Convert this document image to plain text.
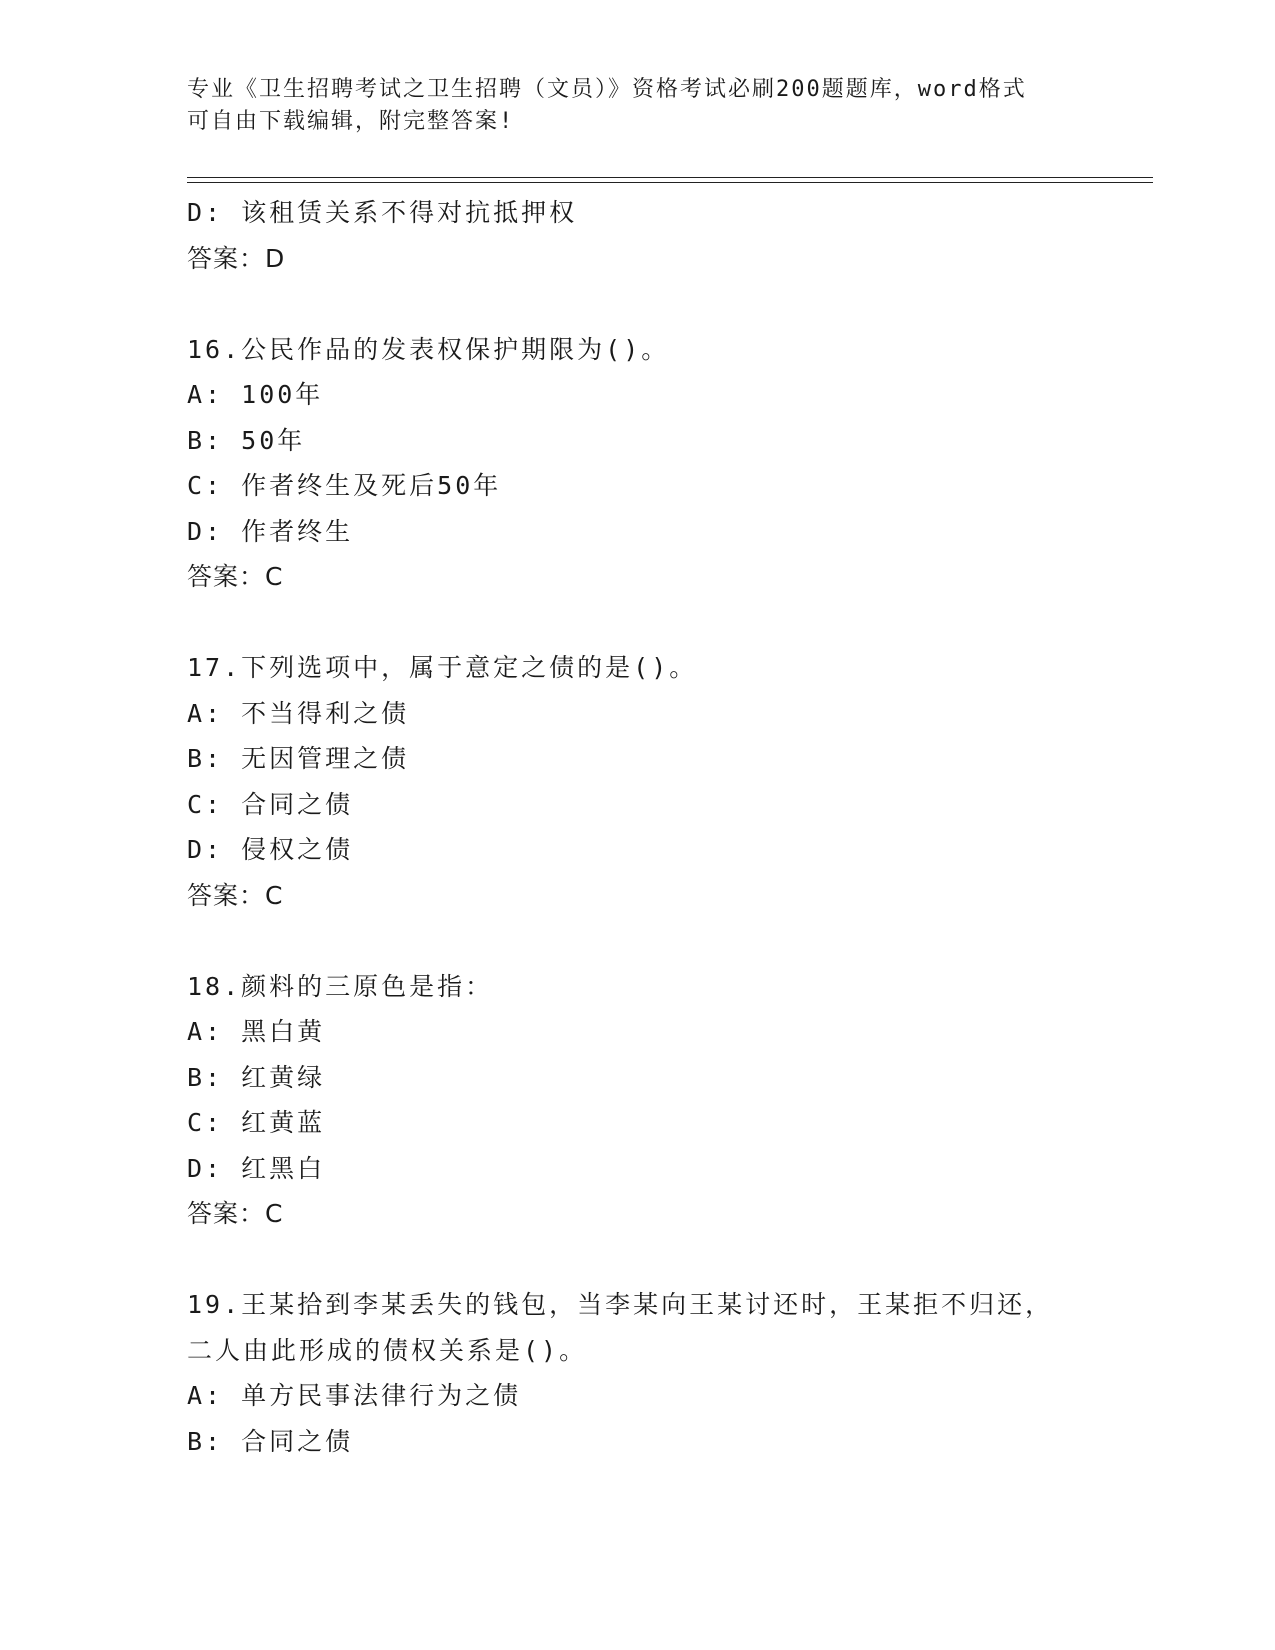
专业《卫生招聘考试之卫生招聘（文员）》资格考试必刷200题题库，word格式
可自由下载编辑，附完整答案!
D: 该租赁关系不得对抗抵押权
答案：D
16.公民作品的发表权保护期限为()。
A: 100年
B: 50年
C: 作者终生及死后50年
D: 作者终生
答案：C
17.下列选项中，属于意定之债的是()。
A: 不当得利之债
B: 无因管理之债
C: 合同之债
D: 侵权之债
答案：C
18.颜料的三原色是指：
A: 黑白黄
B: 红黄绿
C: 红黄蓝
D: 红黑白
答案：C
19.王某拾到李某丢失的钱包，当李某向王某讨还时，王某拒不归还，
二人由此形成的债权关系是()。
A: 单方民事法律行为之债
B: 合同之债
